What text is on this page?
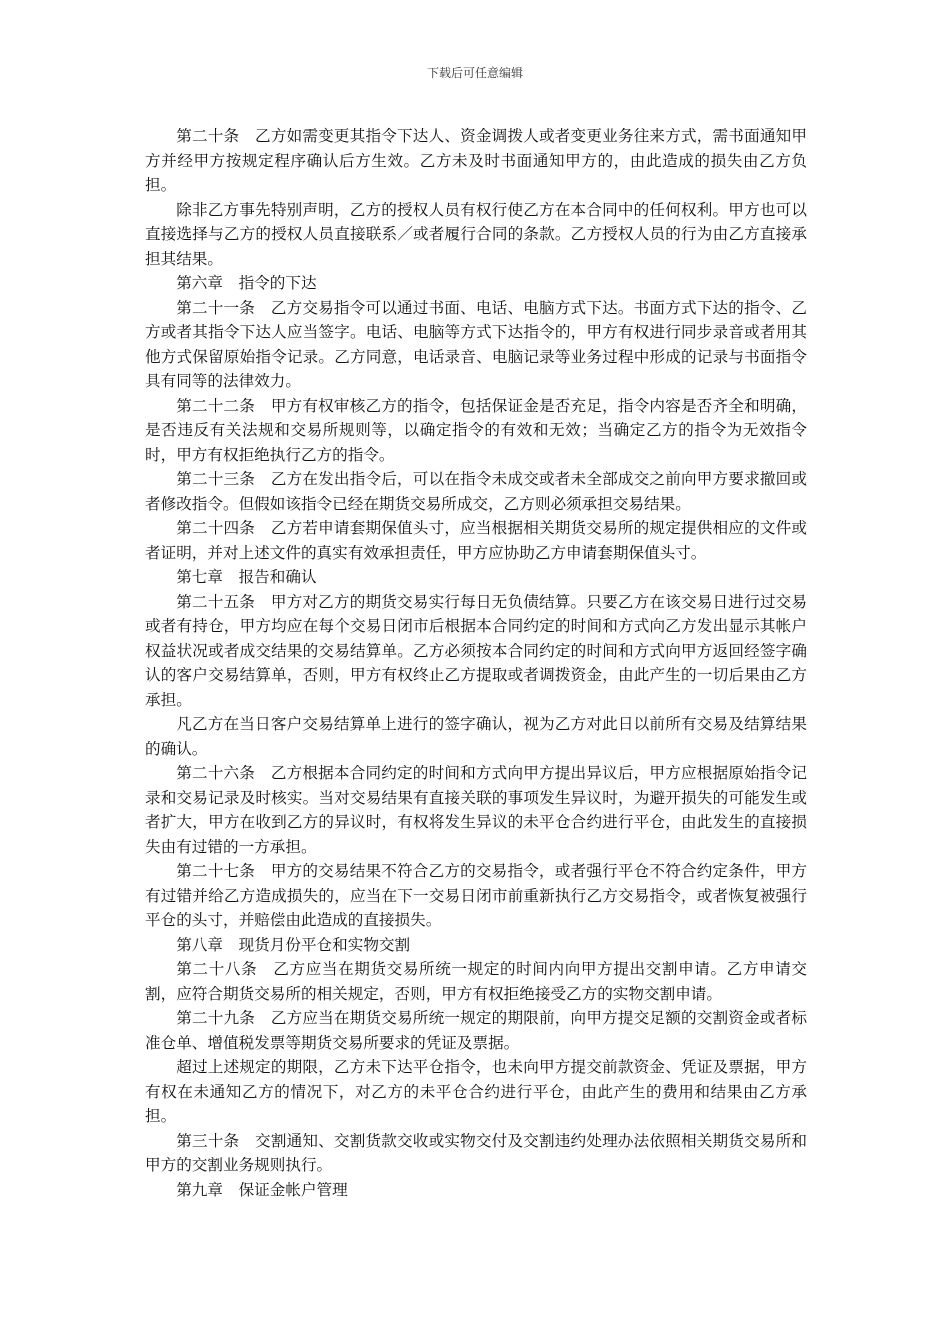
下载后可任意编辑

第二十条　乙方如需变更其指令下达人、资金调拨人或者变更业务往来方式，需书面通知甲方并经甲方按规定程序确认后方生效。乙方未及时书面通知甲方的，由此造成的损失由乙方负担。

除非乙方事先特别声明，乙方的授权人员有权行使乙方在本合同中的任何权利。甲方也可以直接选择与乙方的授权人员直接联系／或者履行合同的条款。乙方授权人员的行为由乙方直接承担其结果。

第六章　指令的下达

第二十一条　乙方交易指令可以通过书面、电话、电脑方式下达。书面方式下达的指令、乙方或者其指令下达人应当签字。电话、电脑等方式下达指令的，甲方有权进行同步录音或者用其他方式保留原始指令记录。乙方同意，电话录音、电脑记录等业务过程中形成的记录与书面指令具有同等的法律效力。

第二十二条　甲方有权审核乙方的指令，包括保证金是否充足，指令内容是否齐全和明确，是否违反有关法规和交易所规则等，以确定指令的有效和无效；当确定乙方的指令为无效指令时，甲方有权拒绝执行乙方的指令。

第二十三条　乙方在发出指令后，可以在指令未成交或者未全部成交之前向甲方要求撤回或者修改指令。但假如该指令已经在期货交易所成交，乙方则必须承担交易结果。

第二十四条　乙方若申请套期保值头寸，应当根据相关期货交易所的规定提供相应的文件或者证明，并对上述文件的真实有效承担责任，甲方应协助乙方申请套期保值头寸。

第七章　报告和确认

第二十五条　甲方对乙方的期货交易实行每日无负债结算。只要乙方在该交易日进行过交易或者有持仓，甲方均应在每个交易日闭市后根据本合同约定的时间和方式向乙方发出显示其帐户权益状况或者成交结果的交易结算单。乙方必须按本合同约定的时间和方式向甲方返回经签字确认的客户交易结算单，否则，甲方有权终止乙方提取或者调拨资金，由此产生的一切后果由乙方承担。

凡乙方在当日客户交易结算单上进行的签字确认，视为乙方对此日以前所有交易及结算结果的确认。

第二十六条　乙方根据本合同约定的时间和方式向甲方提出异议后，甲方应根据原始指令记录和交易记录及时核实。当对交易结果有直接关联的事项发生异议时，为避开损失的可能发生或者扩大，甲方在收到乙方的异议时，有权将发生异议的未平仓合约进行平仓，由此发生的直接损失由有过错的一方承担。

第二十七条　甲方的交易结果不符合乙方的交易指令，或者强行平仓不符合约定条件，甲方有过错并给乙方造成损失的，应当在下一交易日闭市前重新执行乙方交易指令，或者恢复被强行平仓的头寸，并赔偿由此造成的直接损失。

第八章　现货月份平仓和实物交割

第二十八条　乙方应当在期货交易所统一规定的时间内向甲方提出交割申请。乙方申请交割，应符合期货交易所的相关规定，否则，甲方有权拒绝接受乙方的实物交割申请。

第二十九条　乙方应当在期货交易所统一规定的期限前，向甲方提交足额的交割资金或者标准仓单、增值税发票等期货交易所要求的凭证及票据。

超过上述规定的期限，乙方未下达平仓指令，也未向甲方提交前款资金、凭证及票据，甲方有权在未通知乙方的情况下，对乙方的未平仓合约进行平仓，由此产生的费用和结果由乙方承担。

第三十条　交割通知、交割货款交收或实物交付及交割违约处理办法依照相关期货交易所和甲方的交割业务规则执行。

第九章　保证金帐户管理
